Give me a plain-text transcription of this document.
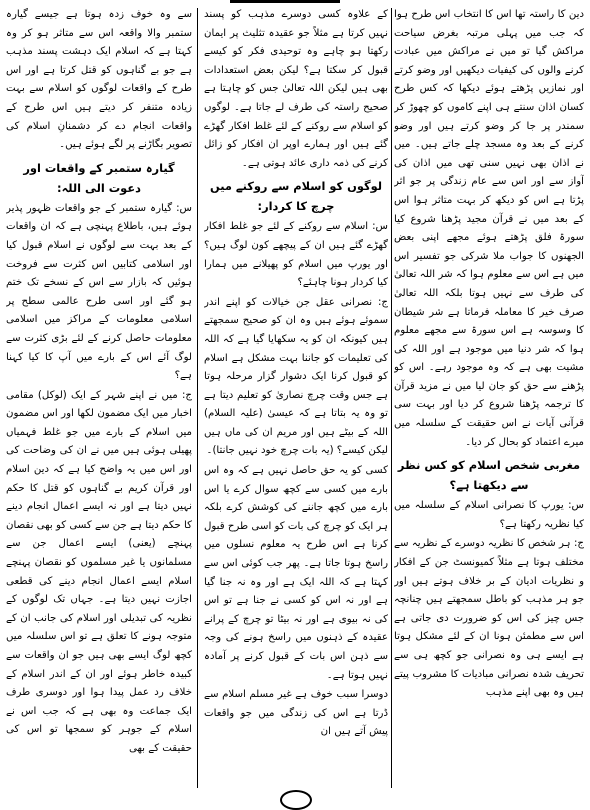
دین کا راستہ تھا اس کا انتخاب اس طرح ہوا کہ جب میں پہلی مرتبہ بغرض سیاحت مراکش گیا تو میں نے مراکش میں عبادت کرنے والوں کی کیفیات دیکھیں اور وضو کرتے اور نمازیں پڑھتے ہوئے دیکھا کہ کس طرح کسان اذان سنتے ہی اپنے کاموں کو چھوڑ کر سمندر پر جا کر وضو کرتے ہیں اور وضو کرنے کے بعد وہ مسجد چلے جاتے ہیں۔ میں نے اذان بھی نہیں سنی تھی میں اذان کی آواز سے اور اس سے عام زندگی پر جو اثر پڑتا ہے اس کو دیکھ کر بہت متاثر ہوا اس کے بعد میں نے قرآن مجید پڑھنا شروع کیا سورۃ فلق پڑھتے ہوئے مجھے اپنی بعض الجھنوں کا جواب ملا شرکی جو تفسیر اس میں ہے اس سے معلوم ہوا کہ شر اللہ تعالیٰ کی طرف سے نہیں ہوتا بلکہ اللہ تعالیٰ صرف خیر کا معاملہ فرماتا ہے شر شیطان کا وسوسہ ہے اس سورۃ سے مجھے معلوم ہوا کہ شر دنیا میں موجود ہے اور اللہ کی مشیت بھی ہے کہ وہ موجود رہے۔ اس کو پڑھنے سے حق کو جان لیا میں نے مزید قرآن کا ترجمہ پڑھنا شروع کر دیا اور بہت سی قرآنی آیات نے اس حقیقت کے سلسلہ میں میرے اعتماد کو بحال کر دیا۔

مغربی شخص اسلام کو کس نظر سے دیکھتا ہے؟

س: یورپ کا نصرانی اسلام کے سلسلہ میں کیا نظریہ رکھتا ہے؟

ج: ہر شخص کا نظریہ دوسرے کے نظریہ سے مختلف ہوتا ہے مثلاً کمیونسٹ جن کے افکار و نظریات ادیان کے بر خلاف ہوتے ہیں اور جو ہر مذہب کو باطل سمجھتے ہیں چنانچہ جس چیز کی اس کو ضرورت دی جاتی ہے اس سے مطمئن ہونا ان کے لئے مشکل ہوتا ہے ایسے ہی وہ نصرانی جو کچھ ہی سے تحریف شدہ نصرانی مبادیات کا مشروب پیتے ہیں وہ بھی اپنے مذہب

کے علاوہ کسی دوسرے مذہب کو پسند نہیں کرتا ہے مثلاً جو عقیدہ تثلیث پر ایمان رکھتا ہو چاہے وہ توحیدی فکر کو کیسے قبول کر سکتا ہے؟ لیکن بعض استعدادات بھی ہیں لیکن اللہ تعالیٰ جس کو چاہتا ہے صحیح راستہ کی طرف لے جاتا ہے۔ لوگوں کو اسلام سے روکنے کے لئے غلط افکار گھڑے گئے ہیں اور ہمارے اوپر ان افکار کو زائل کرنے کی ذمہ داری عائد ہوتی ہے۔

لوگوں کو اسلام سے روکنے میں چرچ کا کردار:

س: اسلام سے روکنے کے لئے جو غلط افکار گھڑے گئے ہیں ان کے پیچھے کون لوگ ہیں؟ اور یورپ میں اسلام کو پھیلانے میں ہمارا کیا کردار ہونا چاہئے؟

ج: نصرانی عقل جن خیالات کو اپنے اندر سموئے ہوئے ہیں وہ ان کو صحیح سمجھتے ہیں کیونکہ ان کو یہ سکھایا گیا ہے کہ اللہ کی تعلیمات کو جاننا بہت مشکل ہے اسلام کو قبول کرنا ایک دشوار گزار مرحلہ ہوتا ہے جس وقت چرچ نصاریٰ کو تعلیم دیتا ہے تو وہ یہ بتاتا ہے کہ عیسیٰ (علیہ السلام) اللہ کے بیٹے ہیں اور مریم ان کی ماں ہیں لیکن کیسے؟ (یہ بات چرچ خود نہیں جانتا)۔

کسی کو یہ حق حاصل نہیں ہے کہ وہ اس بارے میں کسی سے کچھ سوال کرے یا اس بارے میں کچھ جاننے کی کوشش کرے بلکہ ہر ایک کو چرچ کی بات کو اسی طرح قبول کرنا ہے اس طرح یہ معلوم نسلوں میں راسخ ہوتا جاتا ہے۔ پھر جب کوئی اس سے کہتا ہے کہ اللہ ایک ہے اور وہ نہ جنا گیا ہے اور نہ اس کو کسی نے جنا ہے تو اس کی نہ بیوی ہے اور نہ بیٹا تو چرچ کے پرانے عقیدہ کے ذہنوں میں راسخ ہونے کی وجہ سے ذہن اس بات کے قبول کرنے پر آمادہ نہیں ہوتا ہے۔

دوسرا سبب خوف ہے غیر مسلم اسلام سے ڈرتا ہے اس کی زندگی میں جو واقعات پیش آتے ہیں ان

سے وہ خوف زدہ ہوتا ہے جیسے گیارہ ستمبر والا واقعہ اس سے متاثر ہو کر وہ کہتا ہے کہ اسلام ایک دہشت پسند مذہب ہے جو بے گناہوں کو قتل کرتا ہے اور اس طرح کے واقعات لوگوں کو اسلام سے بہت زیادہ متنفر کر دیتے ہیں اس طرح کے واقعات انجام دے کر دشمنانِ اسلام کی تصویر بگاڑنے پر لگے ہوئے ہیں۔

گیارہ ستمبر کے واقعات اور دعوت الی اللہ:

س: گیارہ ستمبر کے جو واقعات ظہور پذیر ہوئے ہیں، باطلاع پہنچی ہے کہ ان واقعات کے بعد بہت سے لوگوں نے اسلام قبول کیا اور اسلامی کتابیں اس کثرت سے فروخت ہوئیں کہ بازار سے اس کے نسخے تک ختم ہو گئے اور اسی طرح عالمی سطح پر اسلامی معلومات کے مراکز میں اسلامی معلومات حاصل کرنے کے لئے بڑی کثرت سے لوگ آئے اس کے بارے میں آپ کا کیا کہنا ہے؟

ج: میں نے اپنے شہر کے ایک (لوکل) مقامی اخبار میں ایک مضمون لکھا اور اس مضمون میں اسلام کے بارے میں جو غلط فہمیاں پھیلی ہوئی ہیں میں نے ان کی وضاحت کی اور اس میں یہ واضح کیا ہے کہ دین اسلام اور قرآن کریم بے گناہوں کو قتل کا حکم نہیں دیتا ہے اور نہ ایسے اعمال انجام دینے کا حکم دیتا ہے جن سے کسی کو بھی نقصان پہنچے (یعنی) ایسے اعمال جن سے مسلمانوں یا غیر مسلموں کو نقصان پہنچے اسلام ایسے اعمال انجام دینے کی قطعی اجازت نہیں دیتا ہے۔ جہاں تک لوگوں کے نظریہ کی تبدیلی اور اسلام کی جانب ان کے متوجہ ہونے کا تعلق ہے تو اس سلسلہ میں کچھ لوگ ایسے بھی ہیں جو ان واقعات سے کبیدہ خاطر ہوئے اور ان کے اندر اسلام کے خلاف رد عمل پیدا ہوا اور دوسری طرف ایک جماعت وہ بھی ہے کہ جب اس نے اسلام کے جوہر کو سمجھا تو اس کی حقیقت کے بھی
